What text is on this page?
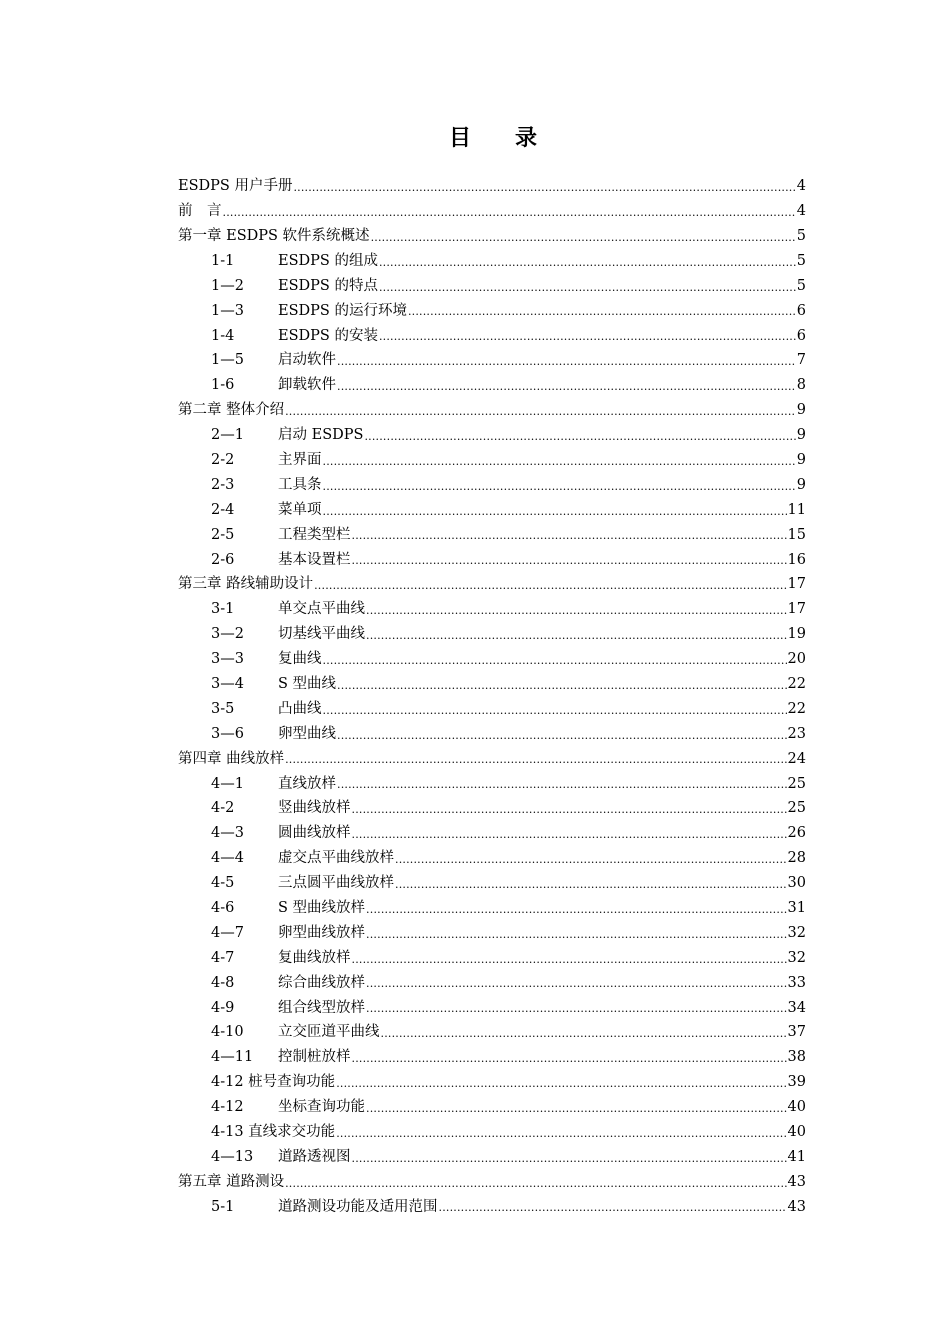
目　　录
ESDPS 用户手册 .....	4
前　言 .....	4
第一章 ESDPS 软件系统概述 .....	5
1-1	ESDPS 的组成 .....	5
1—2	ESDPS 的特点 .....	5
1—3	ESDPS 的运行环境 .....	6
1-4	ESDPS 的安装 .....	6
1—5	启动软件 .....	7
1-6	卸载软件 .....	8
第二章 整体介绍 .....	9
2—1	启动 ESDPS .....	9
2-2	主界面 .....	9
2-3	工具条 .....	9
2-4	菜单项 .....	11
2-5	工程类型栏 .....	15
2-6	基本设置栏 .....	16
第三章 路线辅助设计 .....	17
3-1	单交点平曲线 .....	17
3—2	切基线平曲线 .....	19
3—3	复曲线 .....	20
3—4	S 型曲线 .....	22
3-5	凸曲线 .....	22
3—6	卵型曲线 .....	23
第四章 曲线放样 .....	24
4—1	直线放样 .....	25
4-2	竖曲线放样 .....	25
4—3	圆曲线放样 .....	26
4—4	虚交点平曲线放样 .....	28
4-5	三点圆平曲线放样 .....	30
4-6	S 型曲线放样 .....	31
4—7	卵型曲线放样 .....	32
4-7	复曲线放样 .....	32
4-8	综合曲线放样 .....	33
4-9	组合线型放样 .....	34
4-10	立交匝道平曲线 .....	37
4—11	控制桩放样 .....	38
4-12 桩号查询功能 .....	39
4-12	坐标查询功能 .....	40
4-13 直线求交功能 .....	40
4—13	道路透视图 .....	41
第五章 道路测设 .....	43
5-1	道路测设功能及适用范围 .....	43
